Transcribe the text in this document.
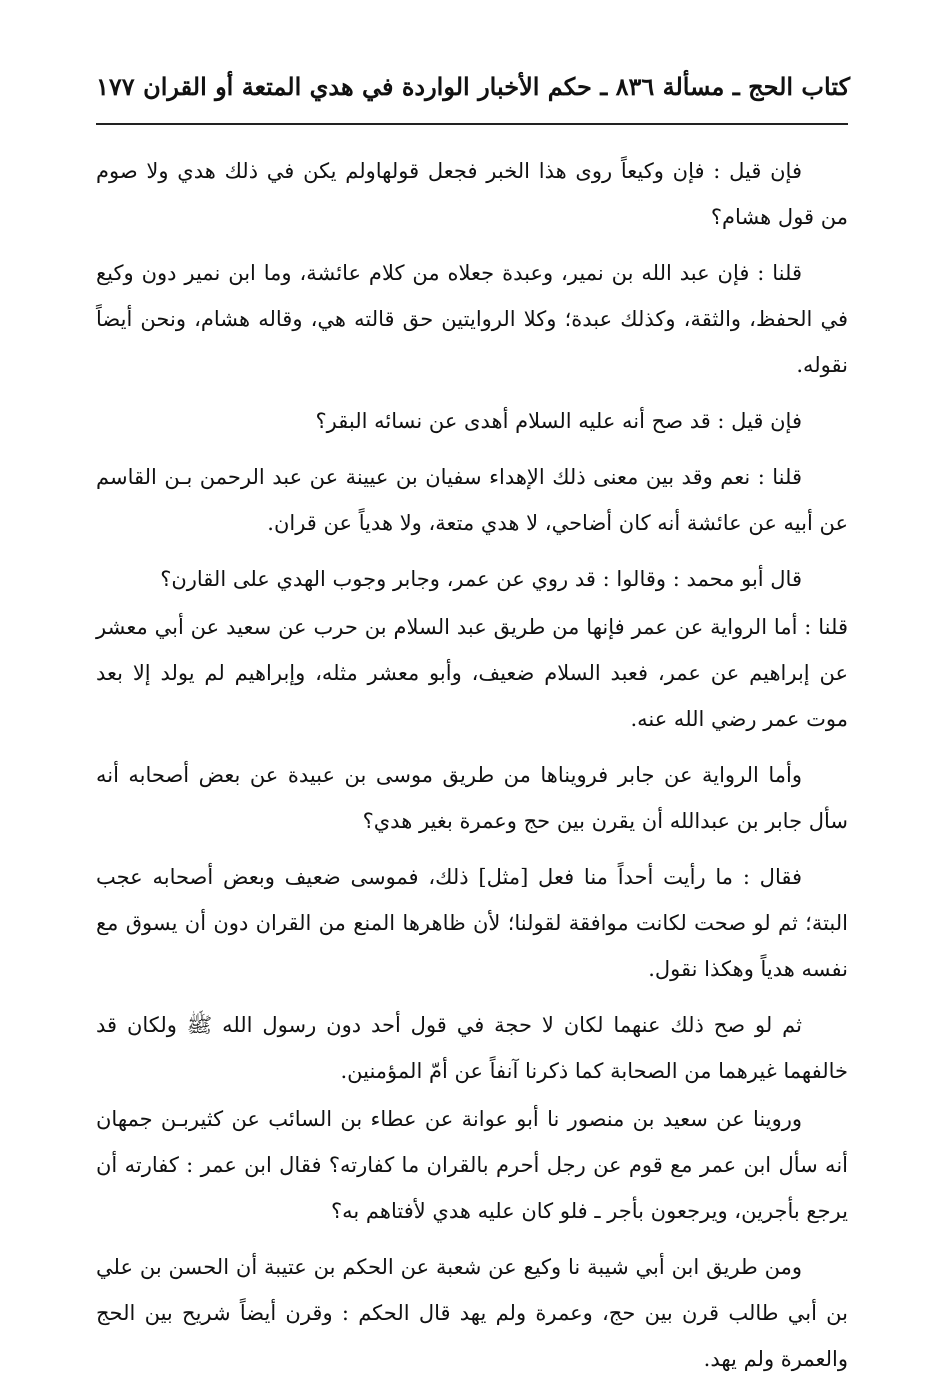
كتاب الحج ـ مسألة ٨٣٦ ـ حكم الأخبار الواردة في هدي المتعة أو القران
١٧٧

فإن قيل : فإن وكيعاً روى هذا الخبر فجعل قولهاولم يكن في ذلك هدي ولا صوم من قول هشام؟

قلنا : فإن عبد الله بن نمير، وعبدة جعلاه من كلام عائشة، وما ابن نمير دون وكيع في الحفظ، والثقة، وكذلك عبدة؛ وكلا الروايتين حق قالته هي، وقاله هشام، ونحن أيضاً نقوله.

فإن قيل : قد صح أنه عليه السلام أهدى عن نسائه البقر؟

قلنا : نعم وقد بين معنى ذلك الإهداء سفيان بن عيينة عن عبد الرحمن بـن القاسم عن أبيه عن عائشة أنه كان أضاحي، لا هدي متعة، ولا هدياً عن قران.

قال أبو محمد : وقالوا : قد روي عن عمر، وجابر وجوب الهدي على القارن؟

قلنا : أما الرواية عن عمر فإنها من طريق عبد السلام بن حرب عن سعيد عن أبي معشر عن إبراهيم عن عمر، فعبد السلام ضعيف، وأبو معشر مثله، وإبراهيم لم يولد إلا بعد موت عمر رضي الله عنه.

وأما الرواية عن جابر فرويناها من طريق موسى بن عبيدة عن بعض أصحابه أنه سأل جابر بن عبدالله أن يقرن بين حج وعمرة بغير هدي؟

فقال : ما رأيت أحداً منا فعل [مثل] ذلك، فموسى ضعيف وبعض أصحابه عجب البتة؛ ثم لو صحت لكانت موافقة لقولنا؛ لأن ظاهرها المنع من القران دون أن يسوق مع نفسه هدياً وهكذا نقول.

ثم لو صح ذلك عنهما لكان لا حجة في قول أحد دون رسول الله ﷺ ولكان قد خالفهما غيرهما من الصحابة كما ذكرنا آنفاً عن أمّ المؤمنين.

وروينا عن سعيد بن منصور نا أبو عوانة عن عطاء بن السائب عن كثيربـن جمهان أنه سأل ابن عمر مع قوم عن رجل أحرم بالقران ما كفارته؟ فقال ابن عمر : كفارته أن يرجع بأجرين، ويرجعون بأجر ـ فلو كان عليه هدي لأفتاهم به؟

ومن طريق ابن أبي شيبة نا وكيع عن شعبة عن الحكم بن عتيبة أن الحسن بن علي بن أبي طالب قرن بين حج، وعمرة ولم يهد قال الحكم : وقرن أيضاً شريح بين الحج والعمرة ولم يهد.
